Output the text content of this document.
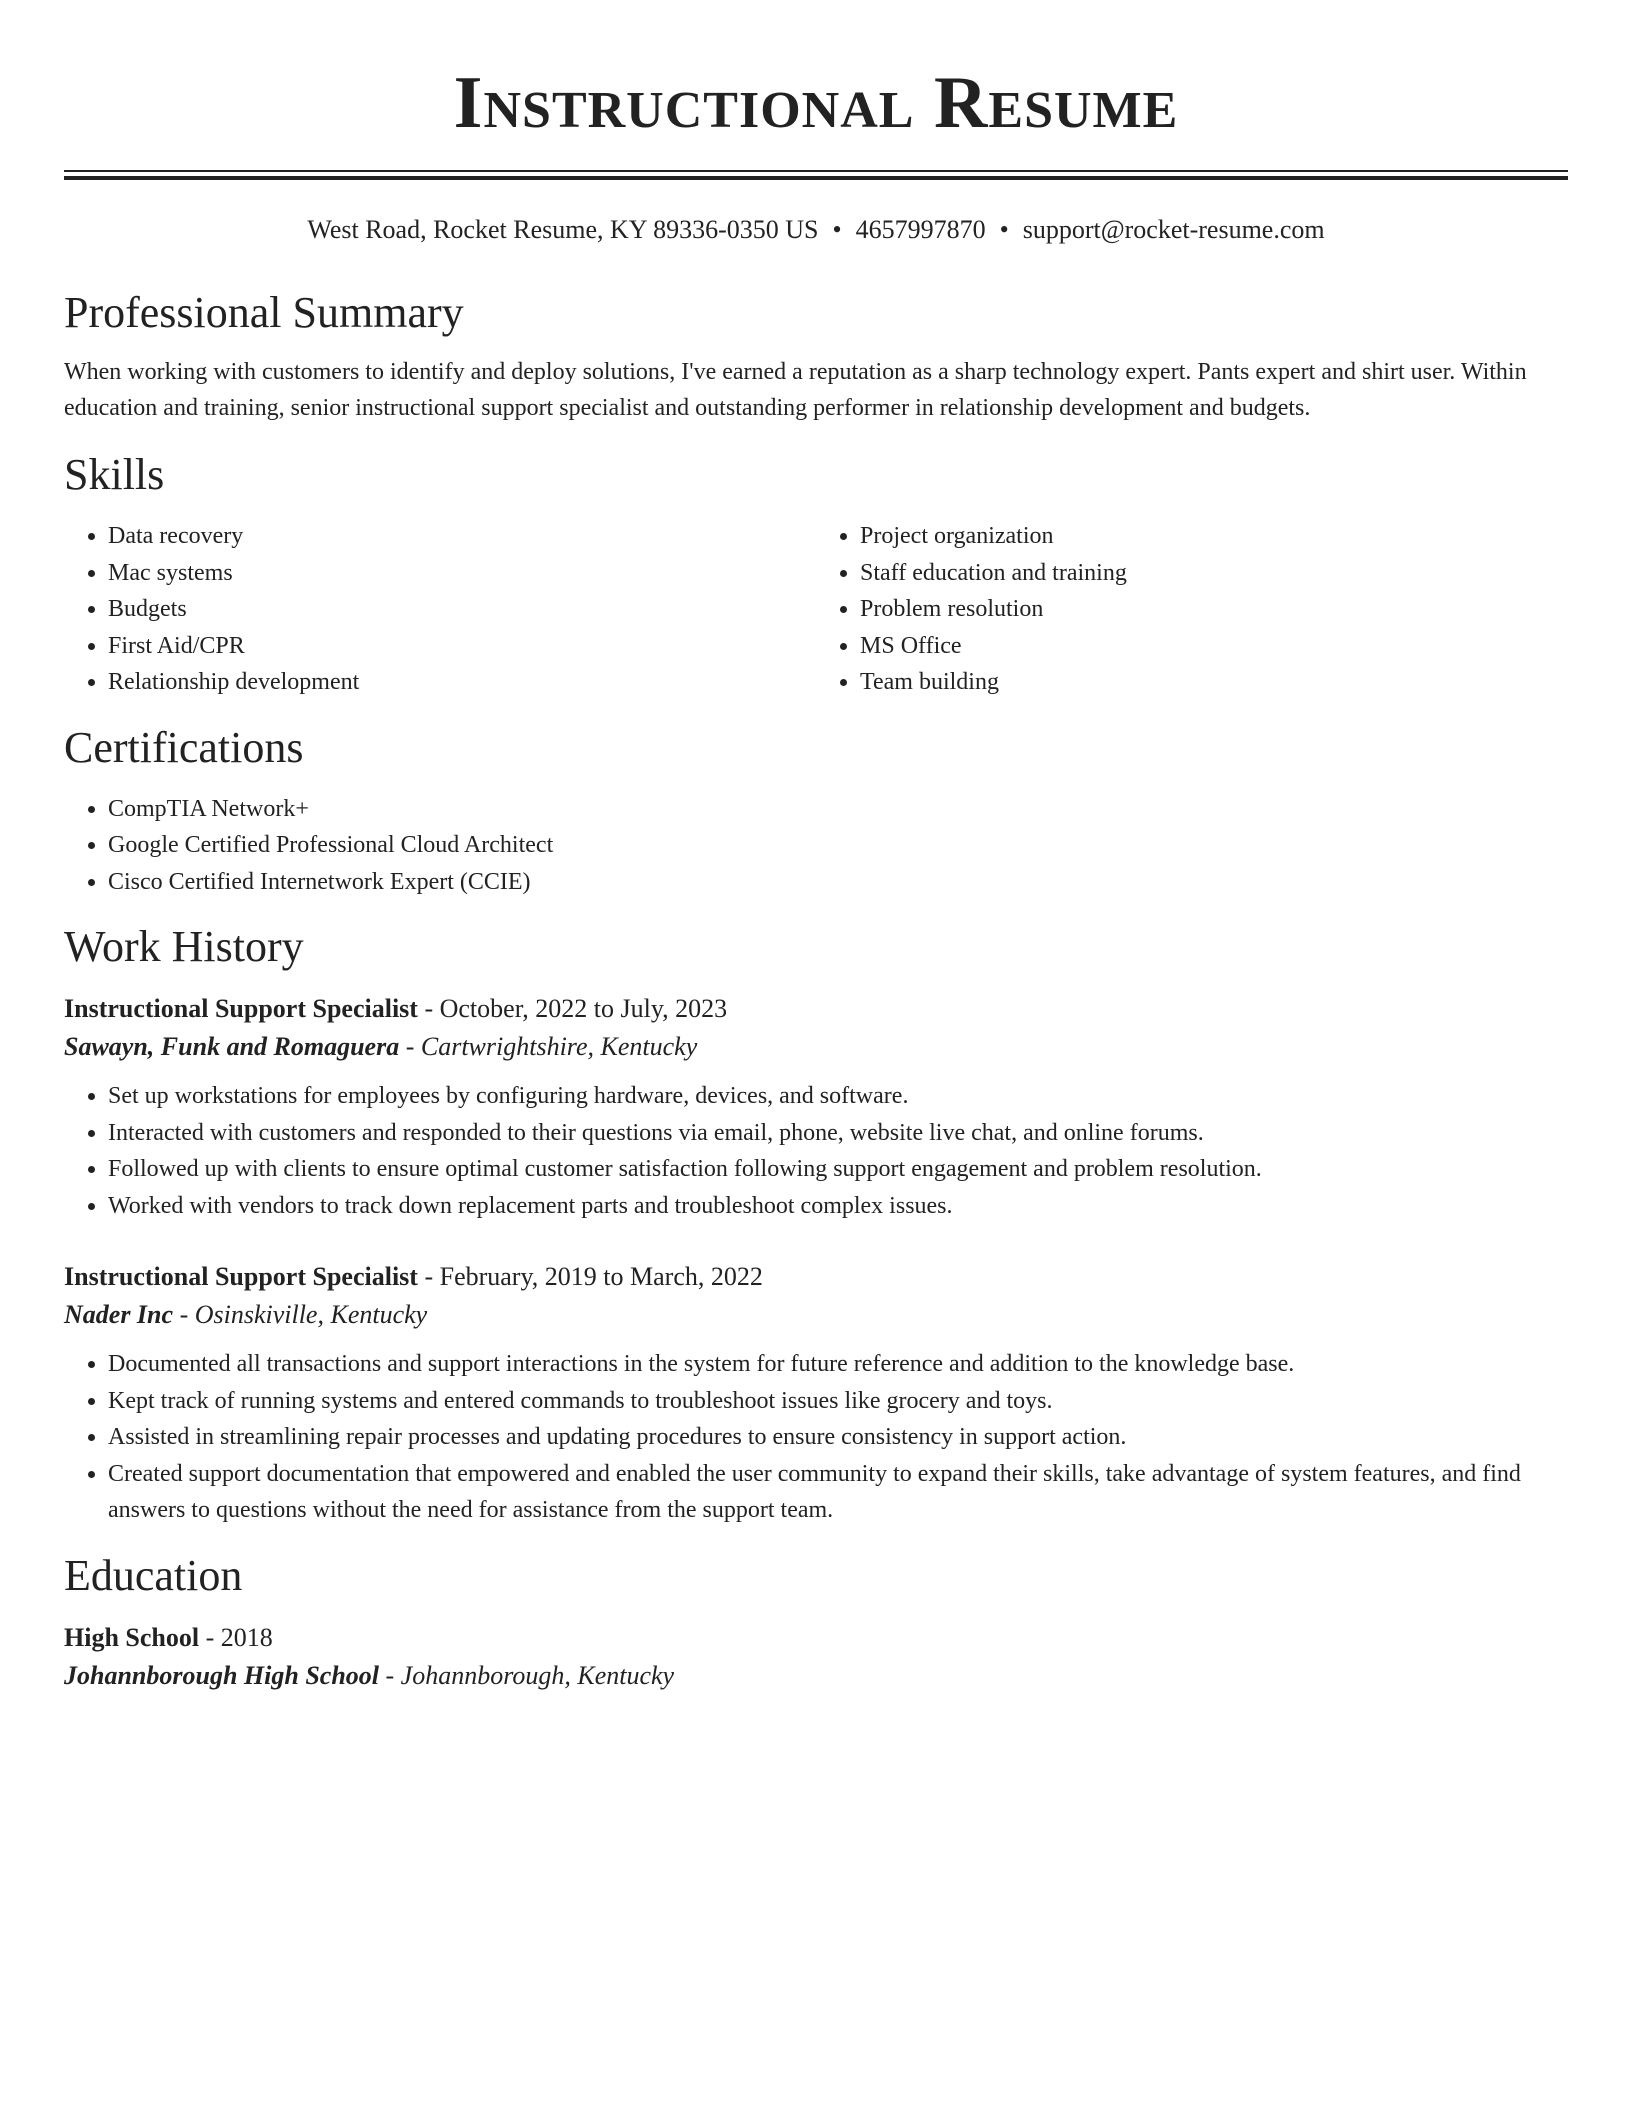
Instructional Resume
West Road, Rocket Resume, KY 89336-0350 US • 4657997870 • support@rocket-resume.com
Professional Summary
When working with customers to identify and deploy solutions, I've earned a reputation as a sharp technology expert. Pants expert and shirt user. Within education and training, senior instructional support specialist and outstanding performer in relationship development and budgets.
Skills
• Data recovery
• Mac systems
• Budgets
• First Aid/CPR
• Relationship development
• Project organization
• Staff education and training
• Problem resolution
• MS Office
• Team building
Certifications
• CompTIA Network+
• Google Certified Professional Cloud Architect
• Cisco Certified Internetwork Expert (CCIE)
Work History
Instructional Support Specialist - October, 2022 to July, 2023
Sawayn, Funk and Romaguera - Cartwrightshire, Kentucky
• Set up workstations for employees by configuring hardware, devices, and software.
• Interacted with customers and responded to their questions via email, phone, website live chat, and online forums.
• Followed up with clients to ensure optimal customer satisfaction following support engagement and problem resolution.
• Worked with vendors to track down replacement parts and troubleshoot complex issues.
Instructional Support Specialist - February, 2019 to March, 2022
Nader Inc - Osinskiville, Kentucky
• Documented all transactions and support interactions in the system for future reference and addition to the knowledge base.
• Kept track of running systems and entered commands to troubleshoot issues like grocery and toys.
• Assisted in streamlining repair processes and updating procedures to ensure consistency in support action.
• Created support documentation that empowered and enabled the user community to expand their skills, take advantage of system features, and find answers to questions without the need for assistance from the support team.
Education
High School - 2018
Johannborough High School - Johannborough, Kentucky
